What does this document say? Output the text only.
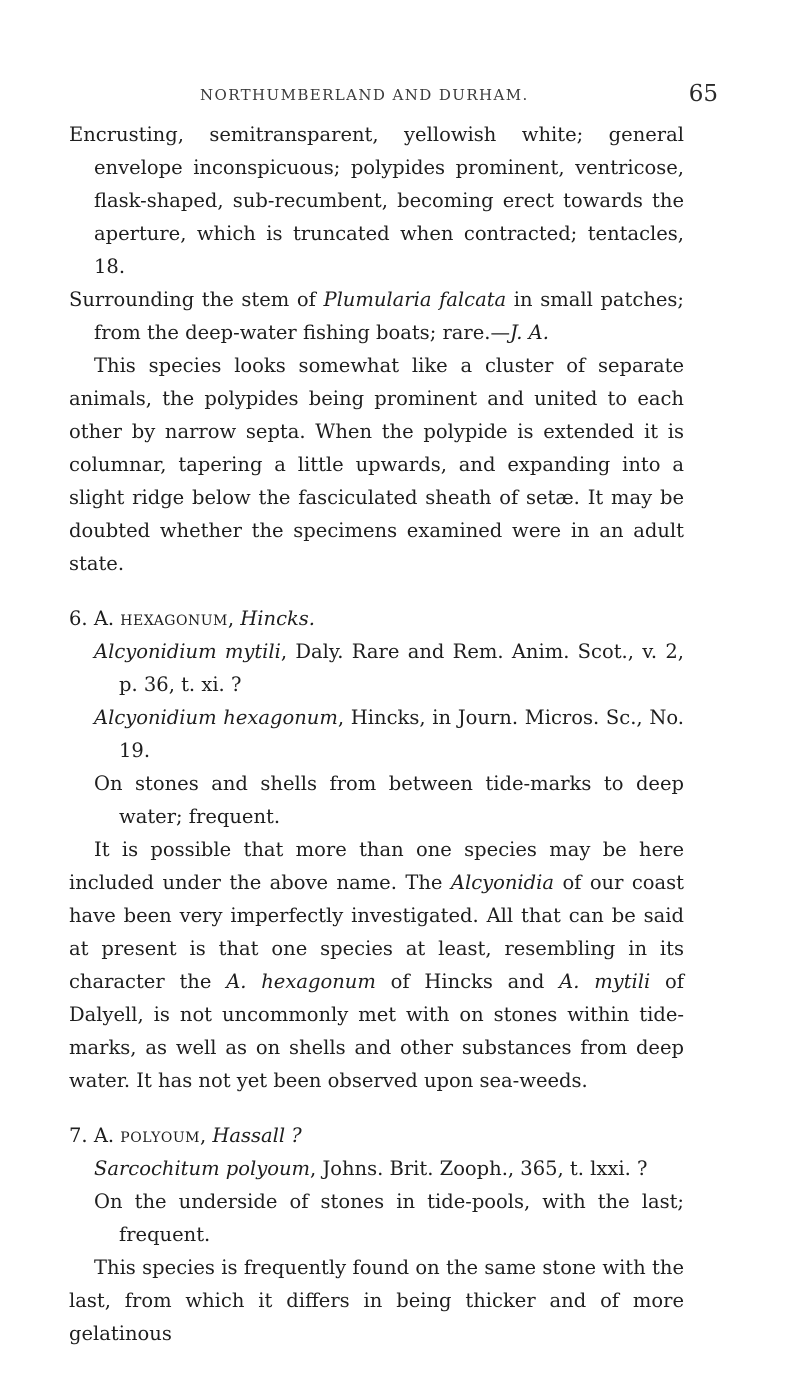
NORTHUMBERLAND AND DURHAM.	65

Encrusting, semitransparent, yellowish white; general envelope inconspicuous; polypides prominent, ventricose, flask-shaped, sub-recumbent, becoming erect towards the aperture, which is truncated when contracted; tentacles, 18.

Surrounding the stem of Plumularia falcata in small patches; from the deep-water fishing boats; rare.—J. A.

This species looks somewhat like a cluster of separate animals, the polypides being prominent and united to each other by narrow septa. When the polypide is extended it is columnar, tapering a little upwards, and expanding into a slight ridge below the fasciculated sheath of setæ. It may be doubted whether the specimens examined were in an adult state.

6. A. hexagonum, Hincks.

Alcyonidium mytili, Daly. Rare and Rem. Anim. Scot., v. 2, p. 36, t. xi. ?

Alcyonidium hexagonum, Hincks, in Journ. Micros. Sc., No. 19.

On stones and shells from between tide-marks to deep water; frequent.

It is possible that more than one species may be here included under the above name. The Alcyonidia of our coast have been very imperfectly investigated. All that can be said at present is that one species at least, resembling in its character the A. hexagonum of Hincks and A. mytili of Dalyell, is not uncommonly met with on stones within tide-marks, as well as on shells and other substances from deep water. It has not yet been observed upon sea-weeds.

7. A. polyoum, Hassall ?

Sarcochitum polyoum, Johns. Brit. Zooph., 365, t. lxxi. ?

On the underside of stones in tide-pools, with the last; frequent.

This species is frequently found on the same stone with the last, from which it differs in being thicker and of more gelatinous
